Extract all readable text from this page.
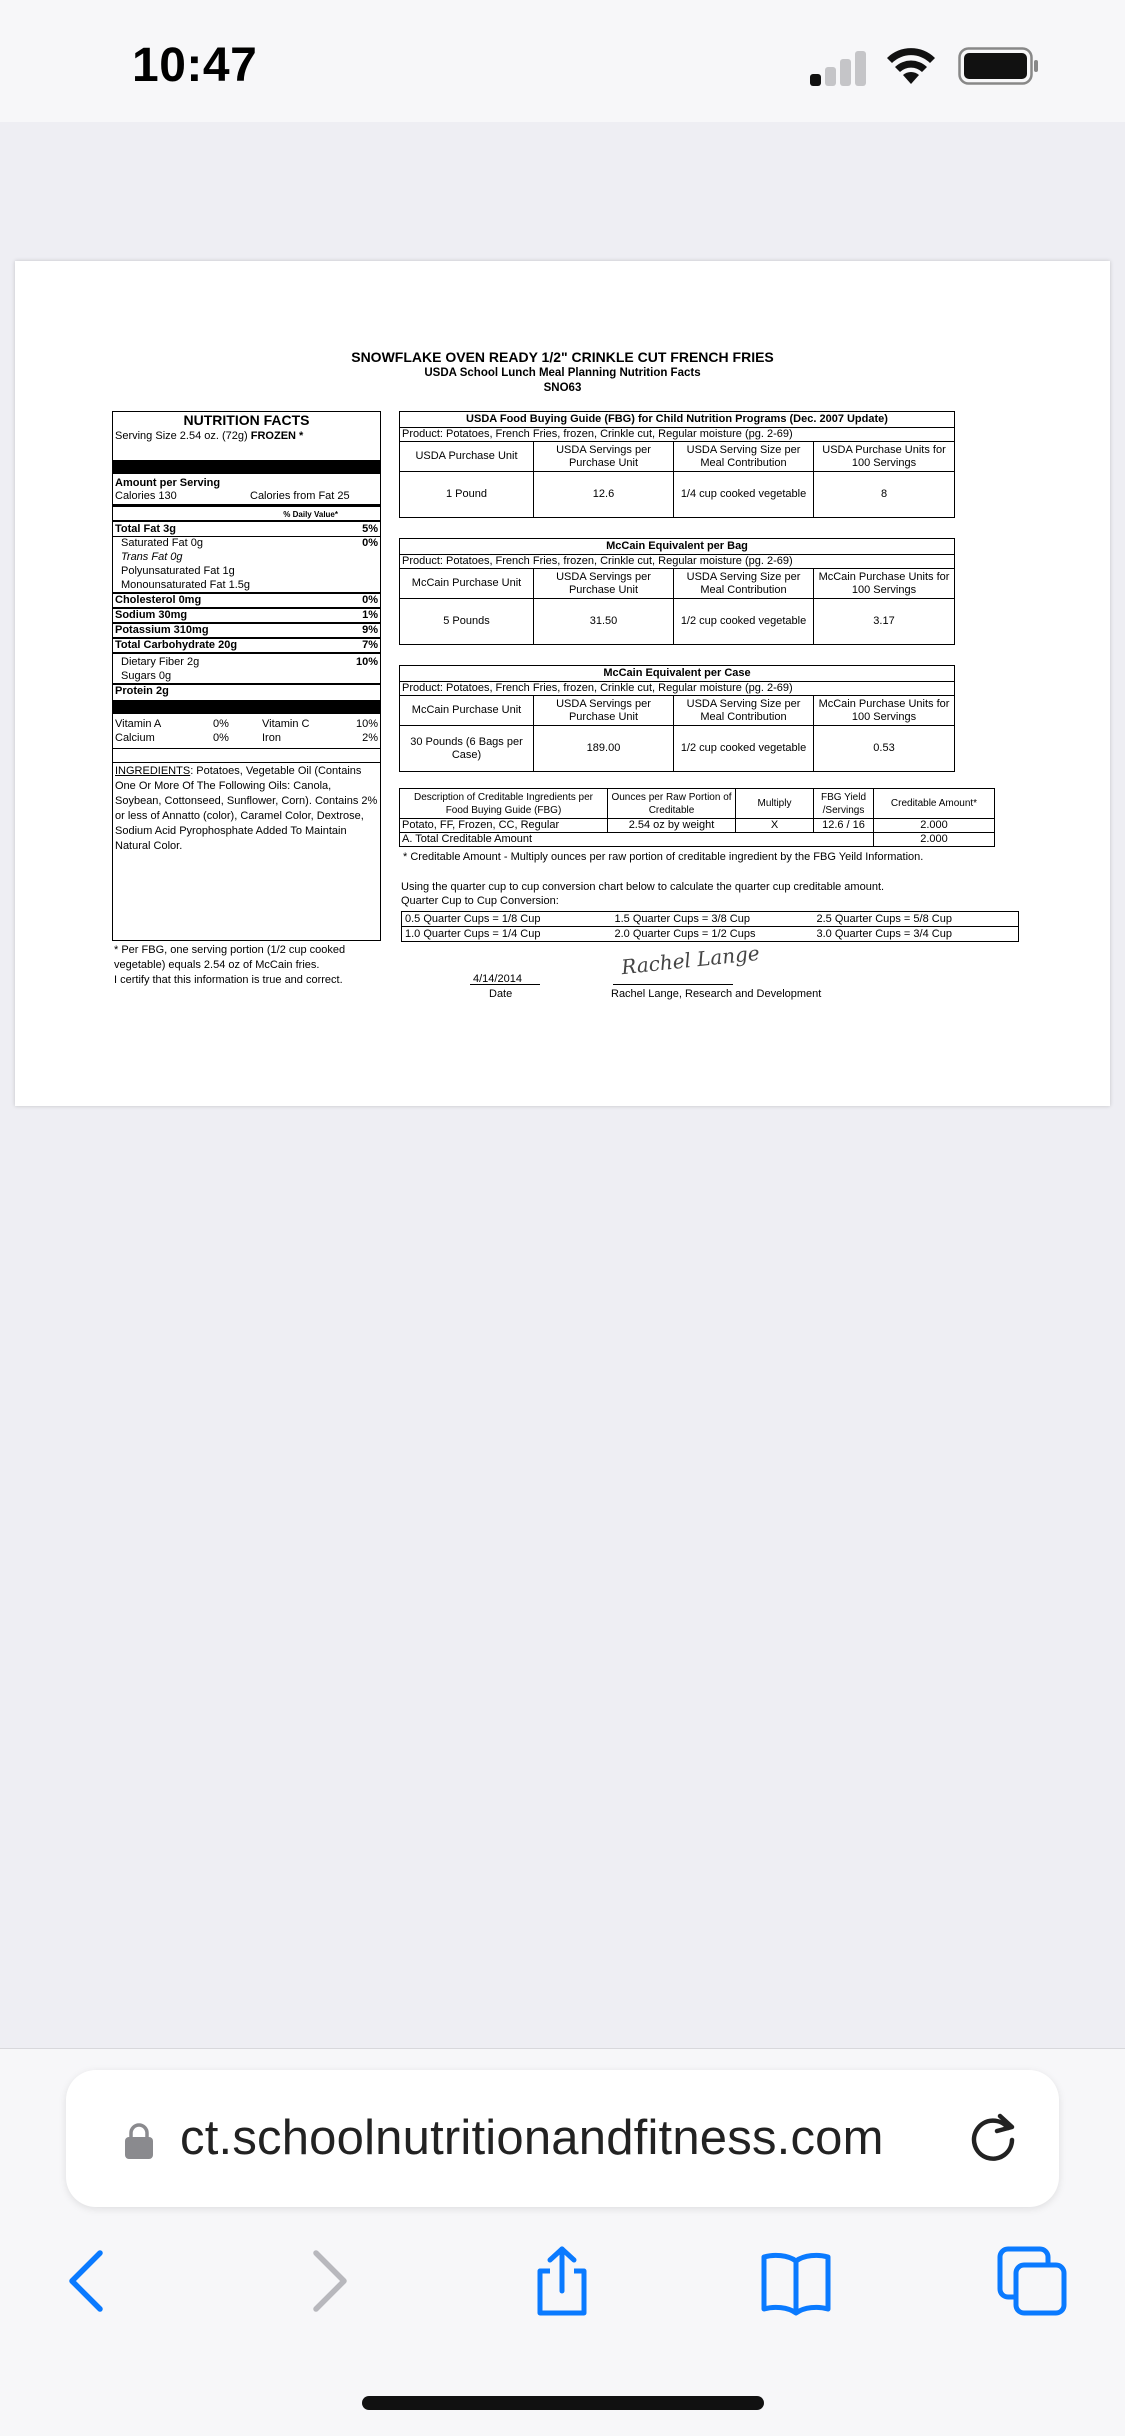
10:47
SNOWFLAKE OVEN READY 1/2" CRINKLE CUT FRENCH FRIES
USDA School Lunch Meal Planning Nutrition Facts
SNO63
NUTRITION FACTS
Serving Size 2.54 oz. (72g) FROZEN *
Amount per Serving
Calories 130	Calories from Fat 25
% Daily Value*
Total Fat 3g	5%
Saturated Fat 0g	0%
Trans Fat 0g
Polyunsaturated Fat 1g
Monounsaturated Fat 1.5g
Cholesterol 0mg	0%
Sodium 30mg	1%
Potassium 310mg	9%
Total Carbohydrate 20g	7%
Dietary Fiber 2g	10%
Sugars 0g
Protein 2g
Vitamin A	0%	Vitamin C	10%
Calcium	0%	Iron	2%
INGREDIENTS: Potatoes, Vegetable Oil (Contains One Or More Of The Following Oils: Canola, Soybean, Cottonseed, Sunflower, Corn). Contains 2% or less of Annatto (color), Caramel Color, Dextrose, Sodium Acid Pyrophosphate Added To Maintain Natural Color.
* Per FBG, one serving portion (1/2 cup cooked vegetable) equals 2.54 oz of McCain fries.
I certify that this information is true and correct.
USDA Food Buying Guide (FBG) for Child Nutrition Programs (Dec. 2007 Update)			
Product: Potatoes, French Fries, frozen, Crinkle cut, Regular moisture (pg. 2-69)			
USDA Purchase Unit	USDA Servings per Purchase Unit	USDA Serving Size per Meal Contribution	USDA Purchase Units for 100 Servings
1 Pound	12.6	1/4 cup cooked vegetable	8
McCain Equivalent per Bag			
Product: Potatoes, French Fries, frozen, Crinkle cut, Regular moisture (pg. 2-69)			
McCain Purchase Unit	USDA Servings per Purchase Unit	USDA Serving Size per Meal Contribution	McCain Purchase Units for 100 Servings
5 Pounds	31.50	1/2 cup cooked vegetable	3.17
McCain Equivalent per Case			
Product: Potatoes, French Fries, frozen, Crinkle cut, Regular moisture (pg. 2-69)			
McCain Purchase Unit	USDA Servings per Purchase Unit	USDA Serving Size per Meal Contribution	McCain Purchase Units for 100 Servings
30 Pounds (6 Bags per Case)	189.00	1/2 cup cooked vegetable	0.53
Description of Creditable Ingredients per Food Buying Guide (FBG)	Ounces per Raw Portion of Creditable	Multiply	FBG Yield /Servings	Creditable Amount*
Potato, FF, Frozen, CC, Regular	2.54 oz by weight	X	12.6 / 16	2.000
A. Total Creditable Amount				2.000
* Creditable Amount - Multiply ounces per raw portion of creditable ingredient by the FBG Yeild Information.
Using the quarter cup to cup conversion chart below to calculate the quarter cup creditable amount.
Quarter Cup to Cup Conversion:
0.5 Quarter Cups = 1/8 Cup	1.5 Quarter Cups = 3/8 Cup	2.5 Quarter Cups = 5/8 Cup
1.0 Quarter Cups = 1/4 Cup	2.0 Quarter Cups = 1/2 Cups	3.0 Quarter Cups = 3/4 Cup
4/14/2014
Date
Rachel Lange
Rachel Lange, Research and Development
ct.schoolnutritionandfitness.com
